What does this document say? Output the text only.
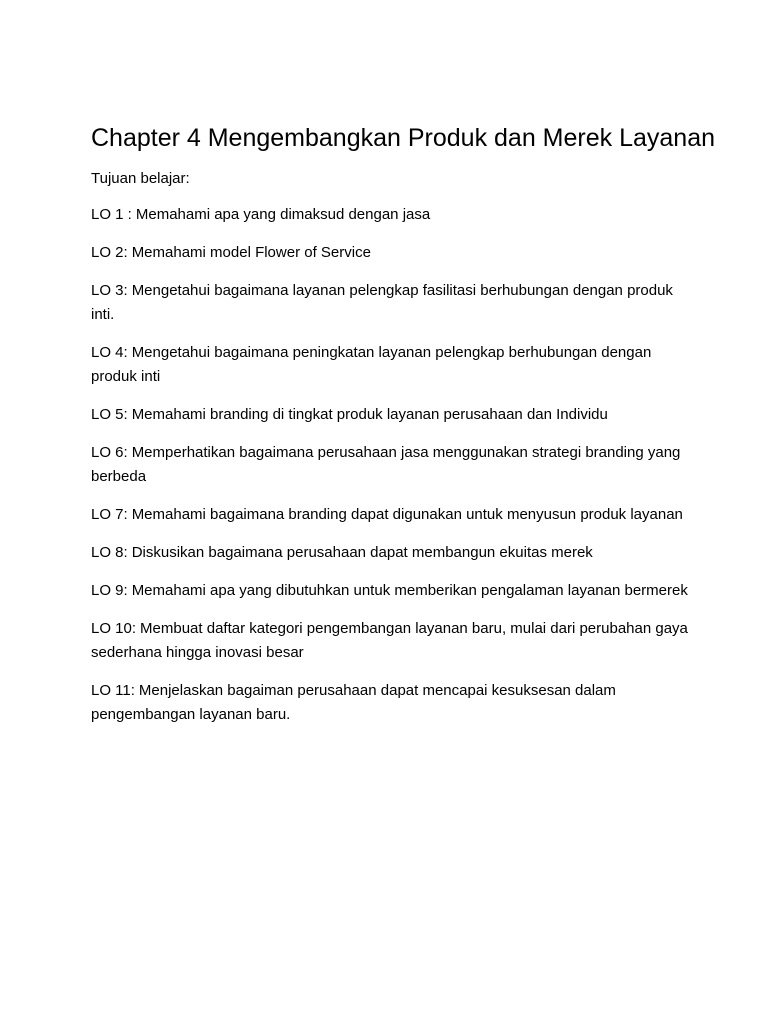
Chapter 4 Mengembangkan Produk dan Merek Layanan

Tujuan belajar:

LO 1 : Memahami apa yang dimaksud dengan jasa
LO 2: Memahami model Flower of Service
LO 3: Mengetahui bagaimana layanan pelengkap fasilitasi berhubungan dengan produk inti.
LO 4: Mengetahui bagaimana peningkatan layanan pelengkap berhubungan dengan produk inti
LO 5: Memahami branding di tingkat produk layanan perusahaan dan Individu
LO 6: Memperhatikan bagaimana perusahaan jasa menggunakan strategi branding yang berbeda
LO 7: Memahami bagaimana branding dapat digunakan untuk menyusun produk layanan
LO 8: Diskusikan bagaimana perusahaan dapat membangun ekuitas merek
LO 9: Memahami apa yang dibutuhkan untuk memberikan pengalaman layanan bermerek
LO 10: Membuat daftar kategori pengembangan layanan baru, mulai dari perubahan gaya sederhana hingga inovasi besar
LO 11: Menjelaskan bagaiman perusahaan dapat mencapai kesuksesan dalam pengembangan layanan baru.
